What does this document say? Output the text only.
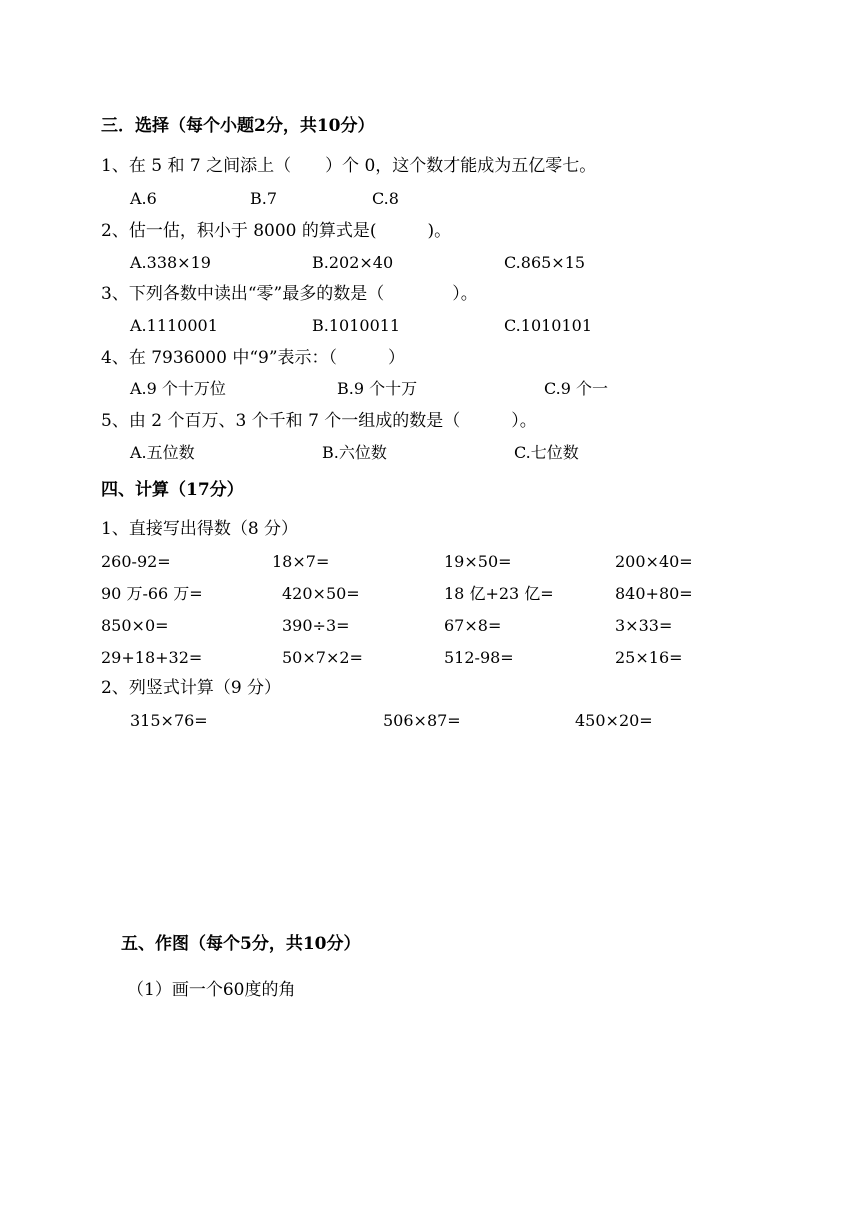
三．选择（每个小题2分，共10分）
1、在 5 和 7 之间添上（　　）个 0，这个数才能成为五亿零七。
A.6	B.7	C.8
2、估一估，积小于 8000 的算式是(　　　)。
A.338×19	B.202×40	C.865×15
3、下列各数中读出“零”最多的数是（　　　　）。
A.1110001	B.1010011	C.1010101
4、在 7936000 中“9”表示：（　　　）
A.9 个十万位	B.9 个十万	C.9 个一
5、由 2 个百万、3 个千和 7 个一组成的数是（　　　）。
A.五位数	B.六位数	C.七位数
四、计算（17分）
1、直接写出得数（8 分）
260-92=	18×7=	19×50=	200×40=
90 万-66 万=	420×50=	18 亿+23 亿=	840+80=
850×0=	390÷3=	67×8=	3×33=
29+18+32=	50×7×2=	512-98=	25×16=
2、列竖式计算（9 分）
315×76=	506×87=	450×20=
五、作图（每个5分，共10分）
（1）画一个60度的角
